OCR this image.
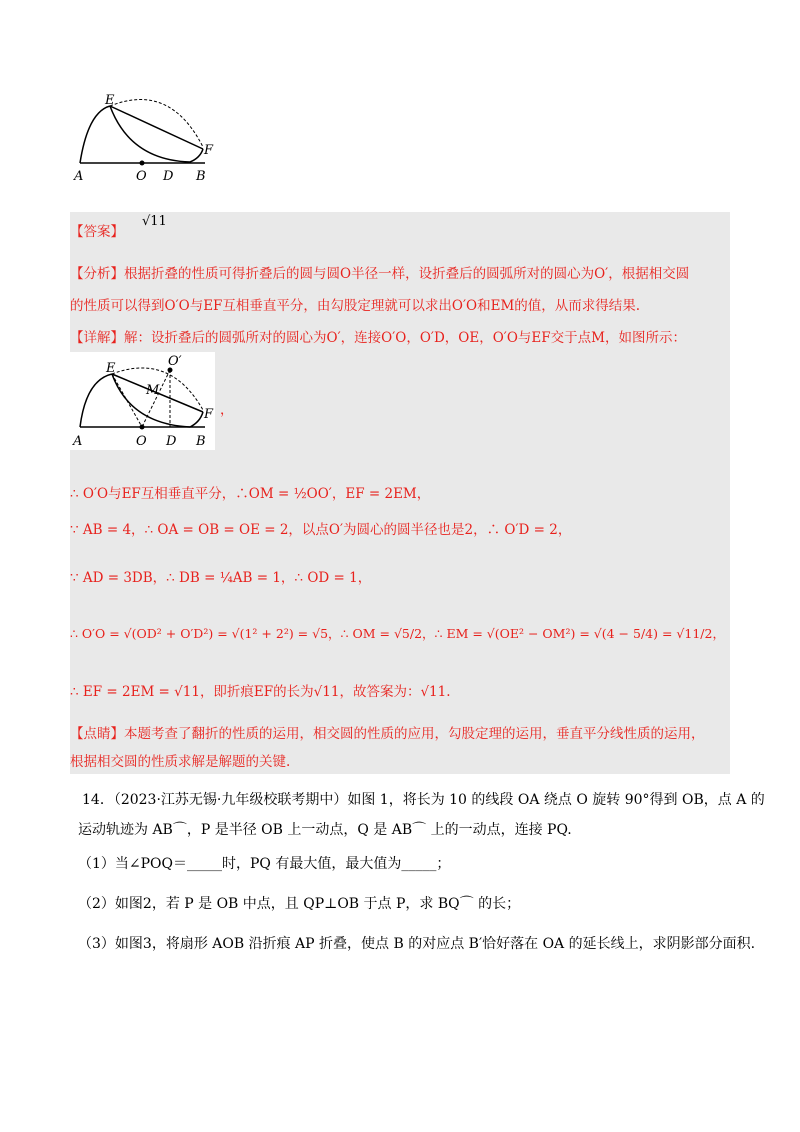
E
F
A	O D B
【答案】
√11
【分析】根据折叠的性质可得折叠后的圆与圆O半径一样，设折叠后的圆弧所对的圆心为O′，根据相交圆
的性质可以得到O′O与EF互相垂直平分，由勾股定理就可以求出O′O和EM的值，从而求得结果.
【详解】解：设折叠后的圆弧所对的圆心为O′，连接O′O，O′D，OE，O′O与EF交于点M，如图所示：
E	O′
M
F
A	O D B
，
∴ O′O与EF互相垂直平分，∴OM = ½OO′，EF = 2EM，
∵ AB = 4，∴ OA = OB = OE = 2，以点O′为圆心的圆半径也是2，∴ O′D = 2，
∵ AD = 3DB，∴ DB = ¼AB = 1，∴ OD = 1，
∴ O′O = √(OD² + O′D²) = √(1² + 2²) = √5，∴ OM = √5/2，∴ EM = √(OE² − OM²) = √(4 − 5/4) = √11/2，
∴ EF = 2EM = √11，即折痕EF的长为√11，故答案为：√11.
【点睛】本题考查了翻折的性质的运用，相交圆的性质的应用，勾股定理的运用，垂直平分线性质的运用，
根据相交圆的性质求解是解题的关键.
14．（2023·江苏无锡·九年级校联考期中）如图 1，将长为 10 的线段 OA 绕点 O 旋转 90°得到 OB，点 A 的
运动轨迹为 AB⌒，P 是半径 OB 上一动点，Q 是 AB⌒ 上的一动点，连接 PQ.
（1）当∠POQ＝_____时，PQ 有最大值，最大值为_____；
（2）如图2，若 P 是 OB 中点，且 QP⊥OB 于点 P，求 BQ⌒ 的长；
（3）如图3，将扇形 AOB 沿折痕 AP 折叠，使点 B 的对应点 B′恰好落在 OA 的延长线上，求阴影部分面积.
